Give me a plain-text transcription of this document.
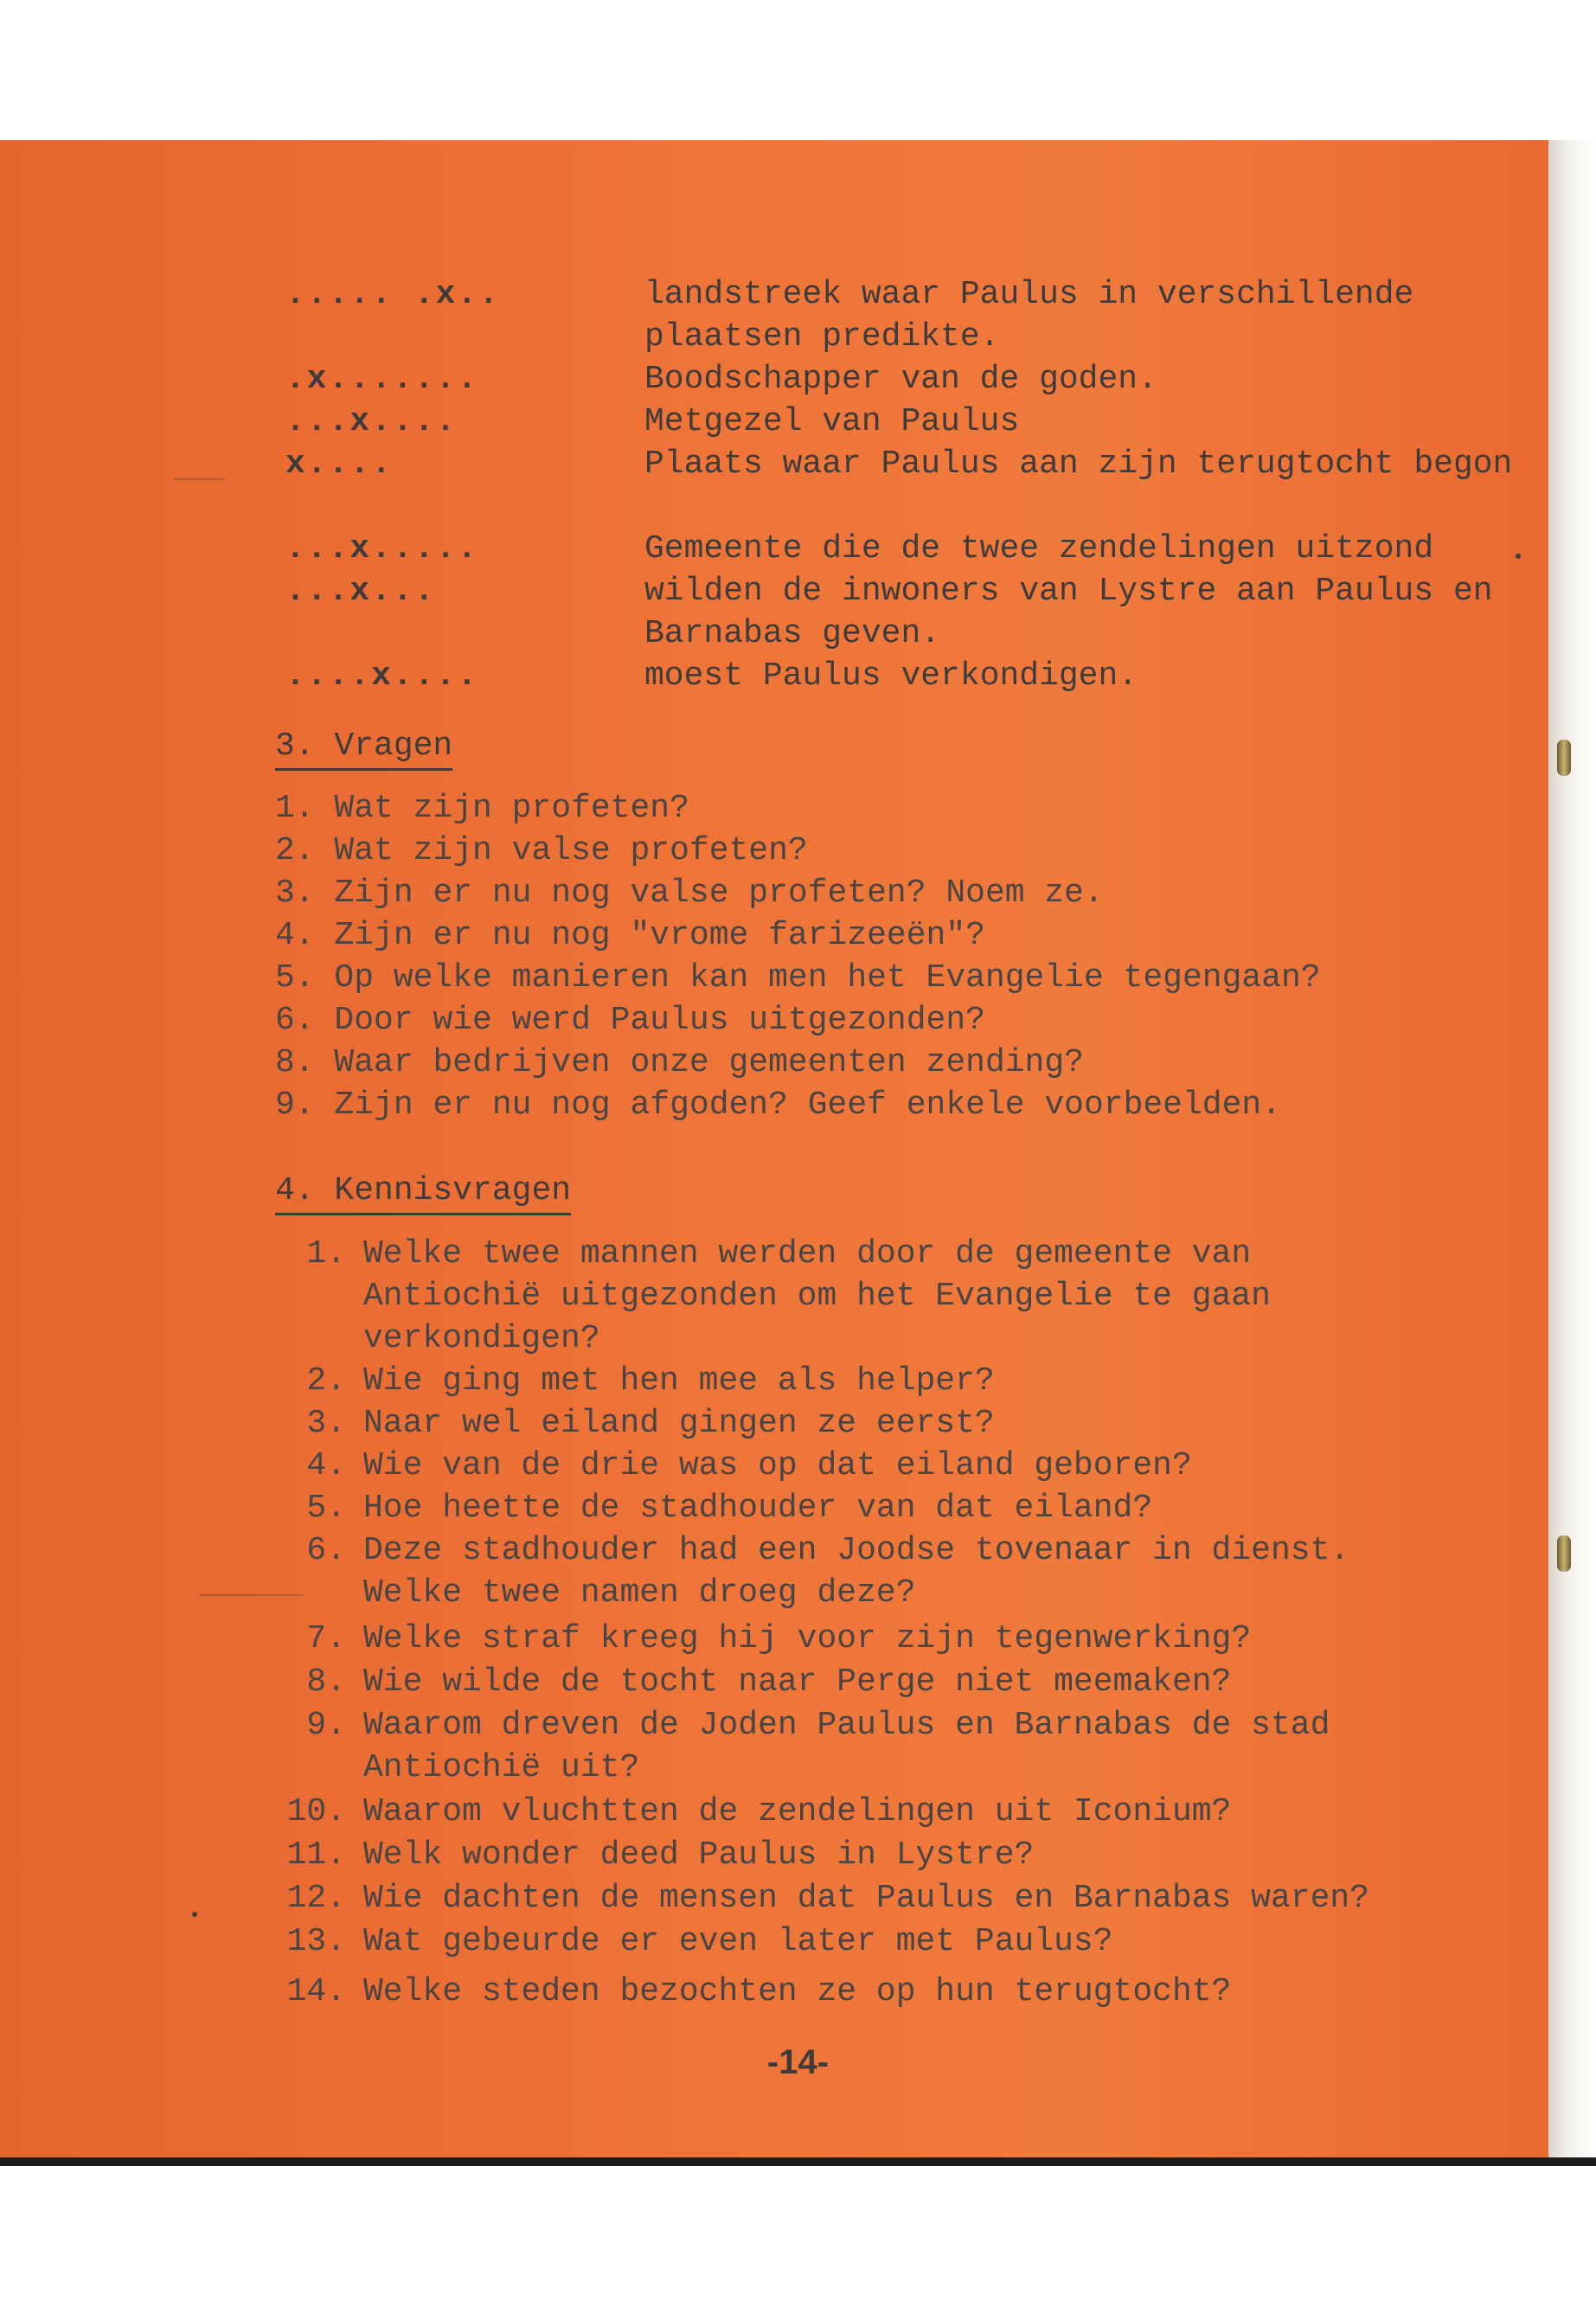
..... .x..	landstreek waar Paulus in verschillende plaatsen predikte.
.x.......	Boodschapper van de goden.
...x....	Metgezel van Paulus
x....	Plaats waar Paulus aan zijn terugtocht begon
...x.....	Gemeente die de twee zendelingen uitzond
...x...	wilden de inwoners van Lystre aan Paulus en Barnabas geven.
....x....	moest Paulus verkondigen.
3. Vragen
1. Wat zijn profeten?
2. Wat zijn valse profeten?
3. Zijn er nu nog valse profeten? Noem ze.
4. Zijn er nu nog "vrome farizeeën"?
5. Op welke manieren kan men het Evangelie tegengaan?
6. Door wie werd Paulus uitgezonden?
8. Waar bedrijven onze gemeenten zending?
9. Zijn er nu nog afgoden? Geef enkele voorbeelden.
4. Kennisvragen
1. Welke twee mannen werden door de gemeente van Antiochië uitgezonden om het Evangelie te gaan verkondigen?
2. Wie ging met hen mee als helper?
3. Naar wel eiland gingen ze eerst?
4. Wie van de drie was op dat eiland geboren?
5. Hoe heette de stadhouder van dat eiland?
6. Deze stadhouder had een Joodse tovenaar in dienst. Welke twee namen droeg deze?
7. Welke straf kreeg hij voor zijn tegenwerking?
8. Wie wilde de tocht naar Perge niet meemaken?
9. Waarom dreven de Joden Paulus en Barnabas de stad Antiochië uit?
10. Waarom vluchtten de zendelingen uit Iconium?
11. Welk wonder deed Paulus in Lystre?
12. Wie dachten de mensen dat Paulus en Barnabas waren?
13. Wat gebeurde er even later met Paulus?
14. Welke steden bezochten ze op hun terugtocht?
-14-
